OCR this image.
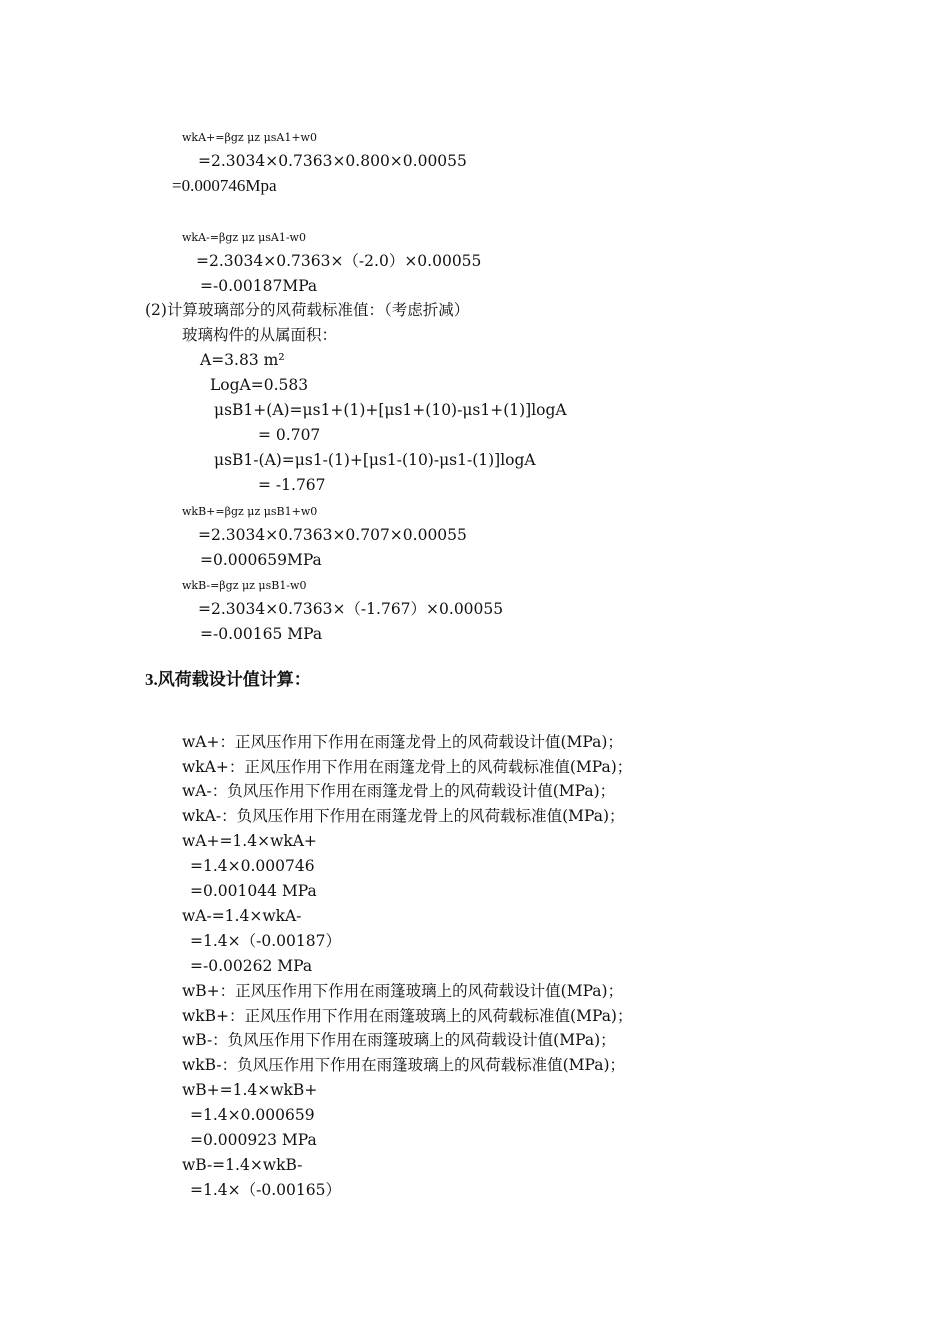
wkA+=βgz μz μsA1+w0
=2.3034×0.7363×0.800×0.00055
=0.000746Mpa
wkA-=βgz μz μsA1-w0
=2.3034×0.7363×（-2.0）×0.00055
=-0.00187MPa
(2)计算玻璃部分的风荷载标准值：（考虑折减）
玻璃构件的从属面积：
A=3.83 m²
LogA=0.583
μsB1+(A)=μs1+(1)+[μs1+(10)-μs1+(1)]logA
= 0.707
μsB1-(A)=μs1-(1)+[μs1-(10)-μs1-(1)]logA
= -1.767
wkB+=βgz μz μsB1+w0
=2.3034×0.7363×0.707×0.00055
=0.000659MPa
wkB-=βgz μz μsB1-w0
=2.3034×0.7363×（-1.767）×0.00055
=-0.00165 MPa
3.风荷载设计值计算：
wA+：正风压作用下作用在雨篷龙骨上的风荷载设计值(MPa)；
wkA+：正风压作用下作用在雨篷龙骨上的风荷载标准值(MPa)；
wA-：负风压作用下作用在雨篷龙骨上的风荷载设计值(MPa)；
wkA-：负风压作用下作用在雨篷龙骨上的风荷载标准值(MPa)；
wA+=1.4×wkA+
=1.4×0.000746
=0.001044 MPa
wA-=1.4×wkA-
=1.4×（-0.00187）
=-0.00262 MPa
wB+：正风压作用下作用在雨篷玻璃上的风荷载设计值(MPa)；
wkB+：正风压作用下作用在雨篷玻璃上的风荷载标准值(MPa)；
wB-：负风压作用下作用在雨篷玻璃上的风荷载设计值(MPa)；
wkB-：负风压作用下作用在雨篷玻璃上的风荷载标准值(MPa)；
wB+=1.4×wkB+
=1.4×0.000659
=0.000923 MPa
wB-=1.4×wkB-
=1.4×（-0.00165）
